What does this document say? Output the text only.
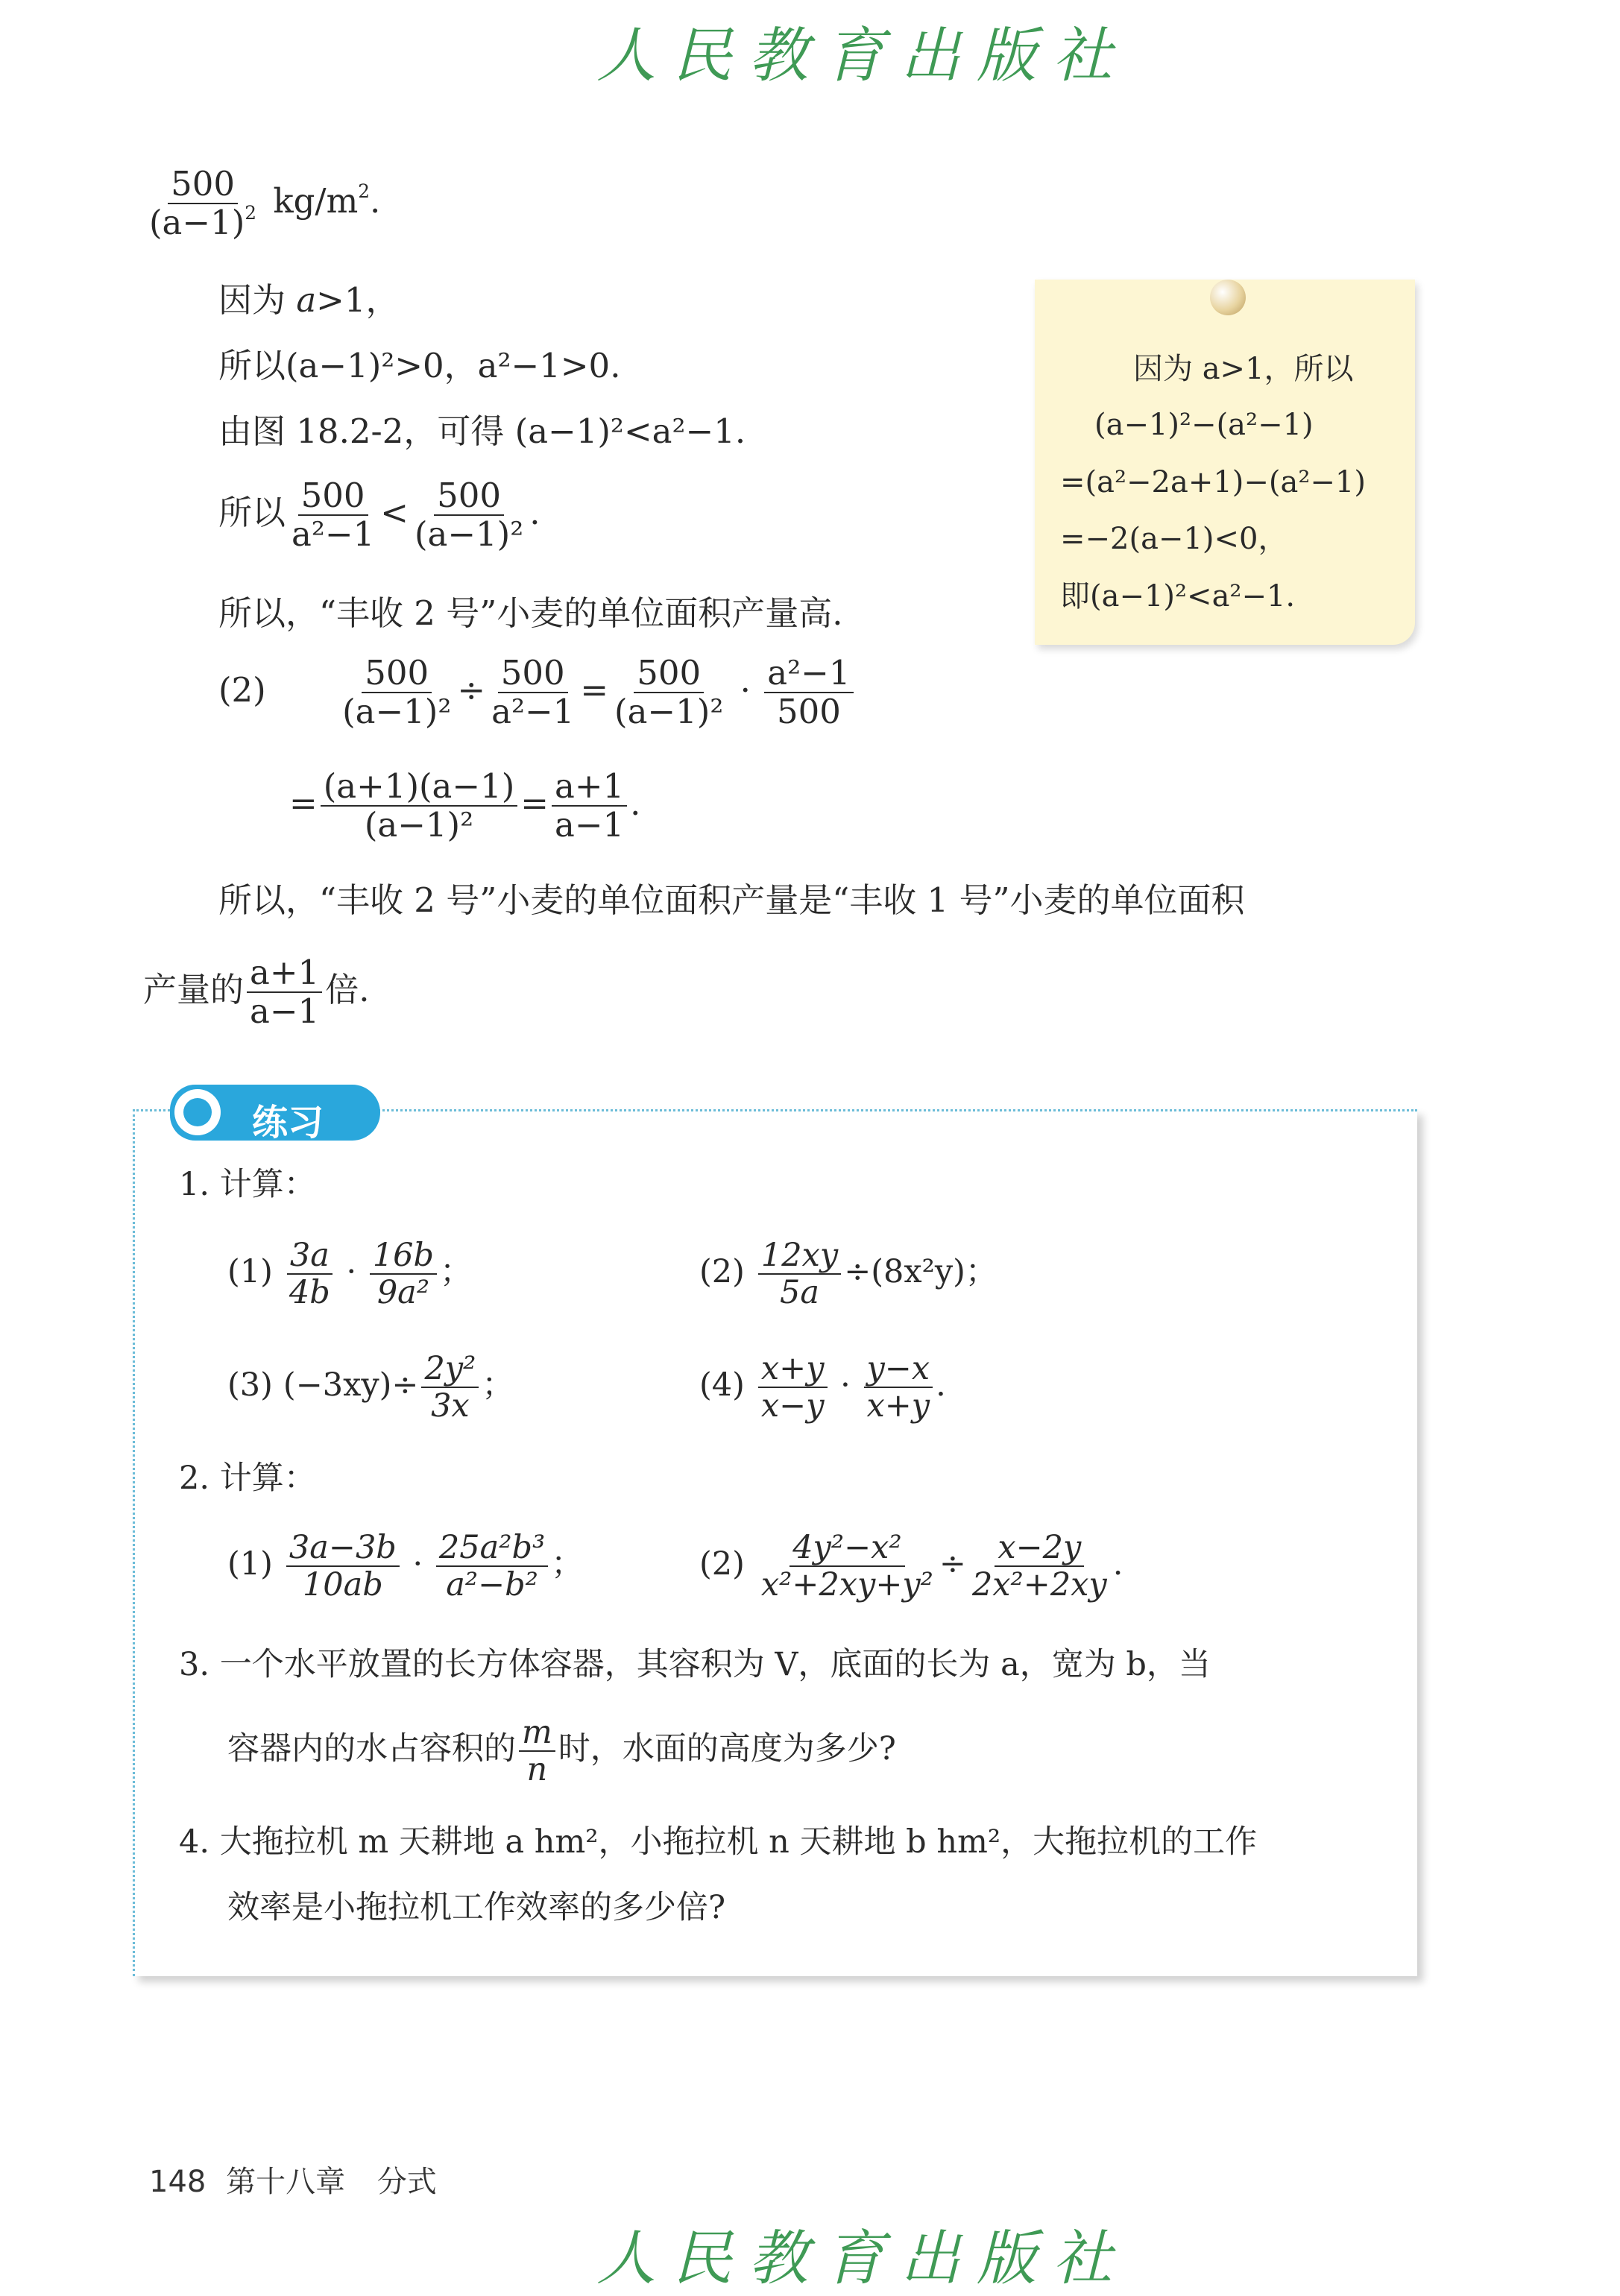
人民教育出版社
$\frac{500}{(a-1)^2} kg/m^2$.
因为 a>1，
所以(a−1)²>0，a²−1>0.
由图 18.2-2，可得 (a−1)²<a²−1.
所以 $\frac{500}{\text{a²−1}} < \frac{500}{\text{(a−1)²}}$ .
所以，“丰收 2 号”小麦的单位面积产量高.
$(2) \frac{500}{\text{(a−1)²}} \div \frac{500}{\text{a²−1}} = \frac{500}{\text{(a−1)²}} \cdot \frac{\text{a²−1}}{500}$
= $\frac{(a+1)(a-1)}{\text{(a−1)²}} = \frac{a+1}{a-1}$ .
所以，“丰收 2 号”小麦的单位面积产量是“丰收 1 号”小麦的单位面积
产量的 $\frac{a+1}{a-1}$ 倍.
因为 a>1，所以
(a−1)²−(a²−1)
=(a²−2a+1)−(a²−1)
=−2(a−1)<0，
即(a−1)²<a²−1.
练习
1. 计算：
$(1) \frac{3a}{4b} \cdot \frac{16b}{\text{9a²}}$ ；	$(2) \frac{12xy}{5a} \div(8x^2y)$；
(3) $(-3xy)\div \frac{\text{2y²}}{3x}$ ；	$(4) \frac{x+y}{x-y} \cdot \frac{y-x}{x+y}$ .
2. 计算：
$(1) \frac{3a-3b}{10ab} \cdot \frac{\text{25a²b³}}{\text{a²−b²}}$ ；	$(2) \frac{\text{4y²−x²}}{\text{x²+2xy+y²}} \div \frac{x-2y}{\text{2x²+2xy}}$ .
3. 一个水平放置的长方体容器，其容积为 V，底面的长为 a，宽为 b，当
容器内的水占容积的 $\frac{m}{n}$ 时，水面的高度为多少?
4. 大拖拉机 m 天耕地 a hm²，小拖拉机 n 天耕地 b hm²，大拖拉机的工作
效率是小拖拉机工作效率的多少倍?
148 第十八章 分式
人民教育出版社
